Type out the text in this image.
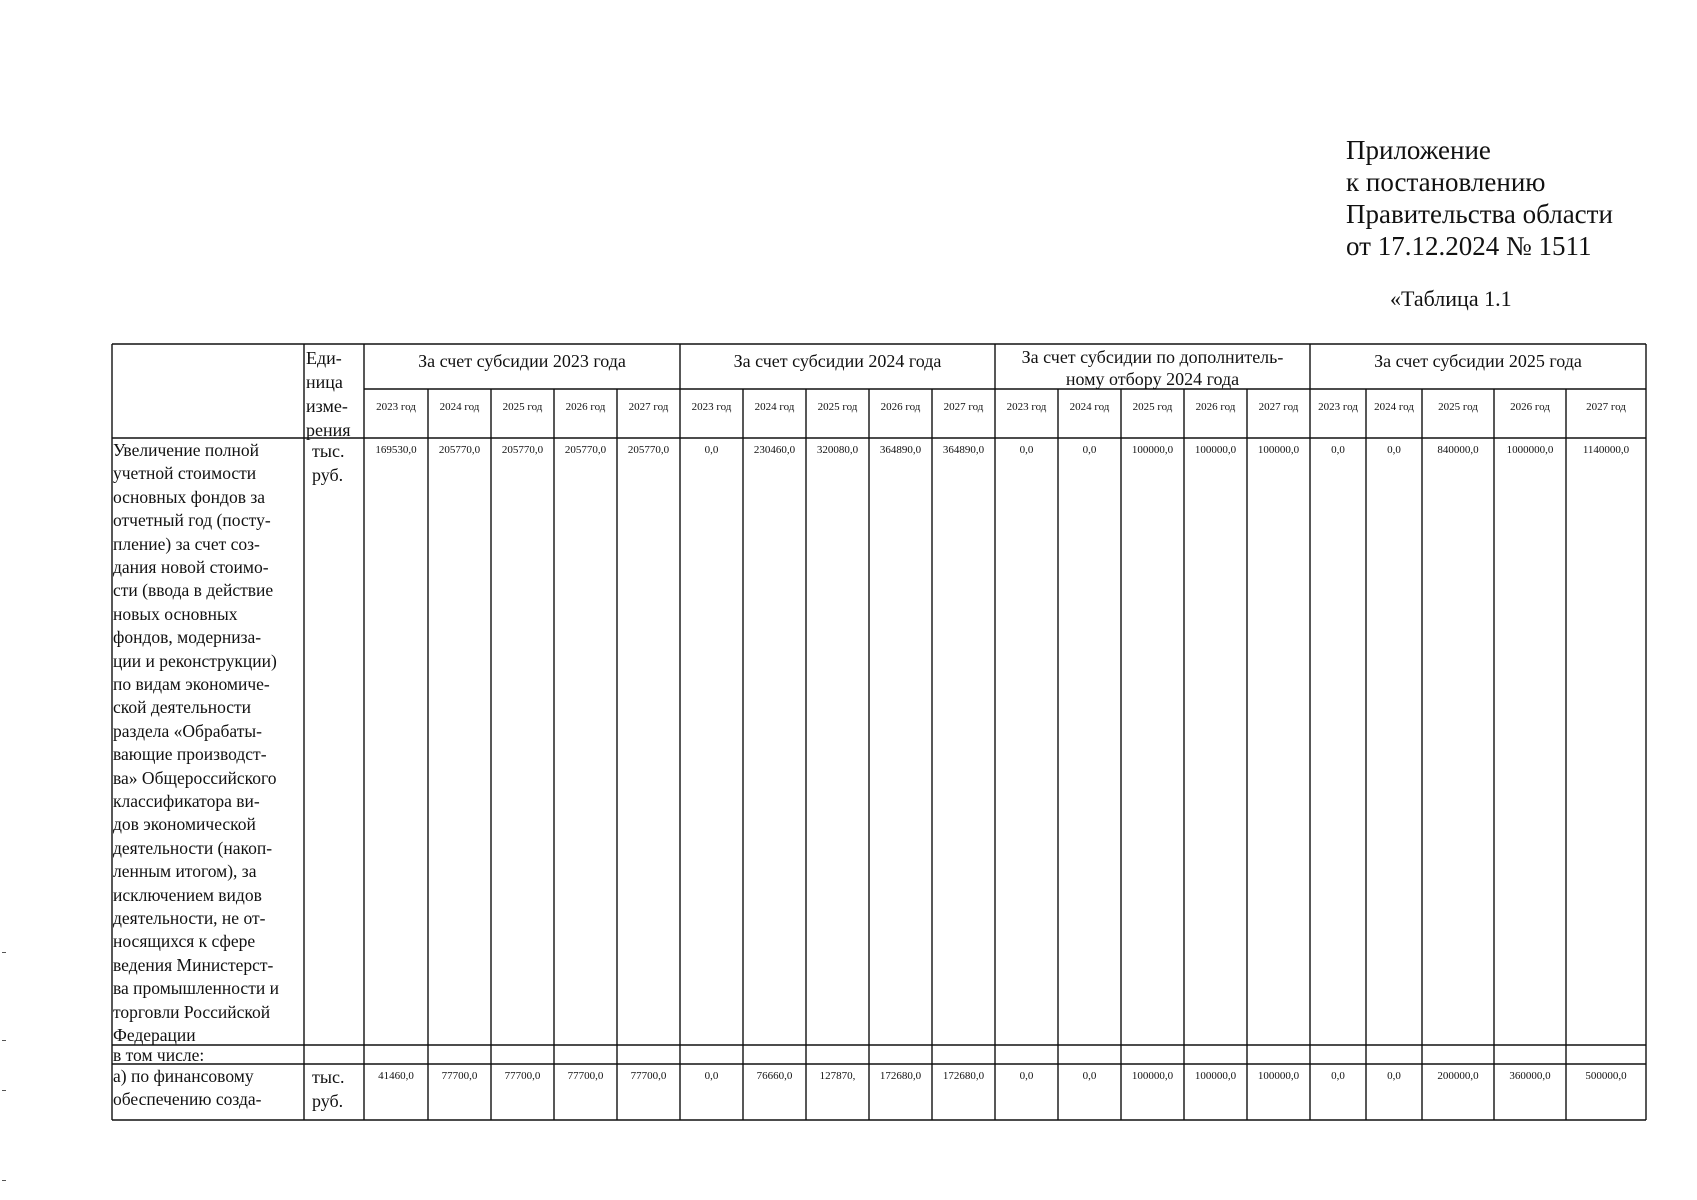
Приложение
к постановлению
Правительства области
от 17.12.2024 № 1511
«Таблица 1.1
Еди-
ница
изме-
рения
За счет субсидии 2023 года	За счет субсидии 2024 года	За счет субсидии по дополнитель-
ному отбору 2024 года
За счет субсидии 2025 года
2023 год	2024 год	2025 год	2026 год	2027 год	2023 год	2024 год	2025 год	2026 год	2027 год	2023 год	2024 год	2025 год	2026 год	2027 год	2023 год	2024 год	2025 год	2026 год	2027 год
Увеличение полной
учетной стоимости
основных фондов за
отчетный год (посту-
пление) за счет соз-
дания новой стоимо-
сти (ввода в действие
новых основных
фондов, модерниза-
ции и реконструкции)
по видам экономиче-
ской деятельности
раздела «Обрабаты-
вающие производст-
ва» Общероссийского
классификатора ви-
дов экономической
деятельности (накоп-
ленным итогом), за
исключением видов
деятельности, не от-
носящихся к сфере
ведения Министерст-
ва промышленности и
торговли Российской
Федерации
тыс.
руб.
169530,0	205770,0	205770,0	205770,0	205770,0	0,0	230460,0	320080,0	364890,0	364890,0	0,0	0,0	100000,0	100000,0	100000,0	0,0	0,0	840000,0	1000000,0	1140000,0
в том числе:
а) по финансовому
обеспечению созда-
тыс.
руб.
41460,0	77700,0	77700,0	77700,0	77700,0	0,0	76660,0	127870,	172680,0	172680,0	0,0	0,0	100000,0	100000,0	100000,0	0,0	0,0	200000,0	360000,0	500000,0
